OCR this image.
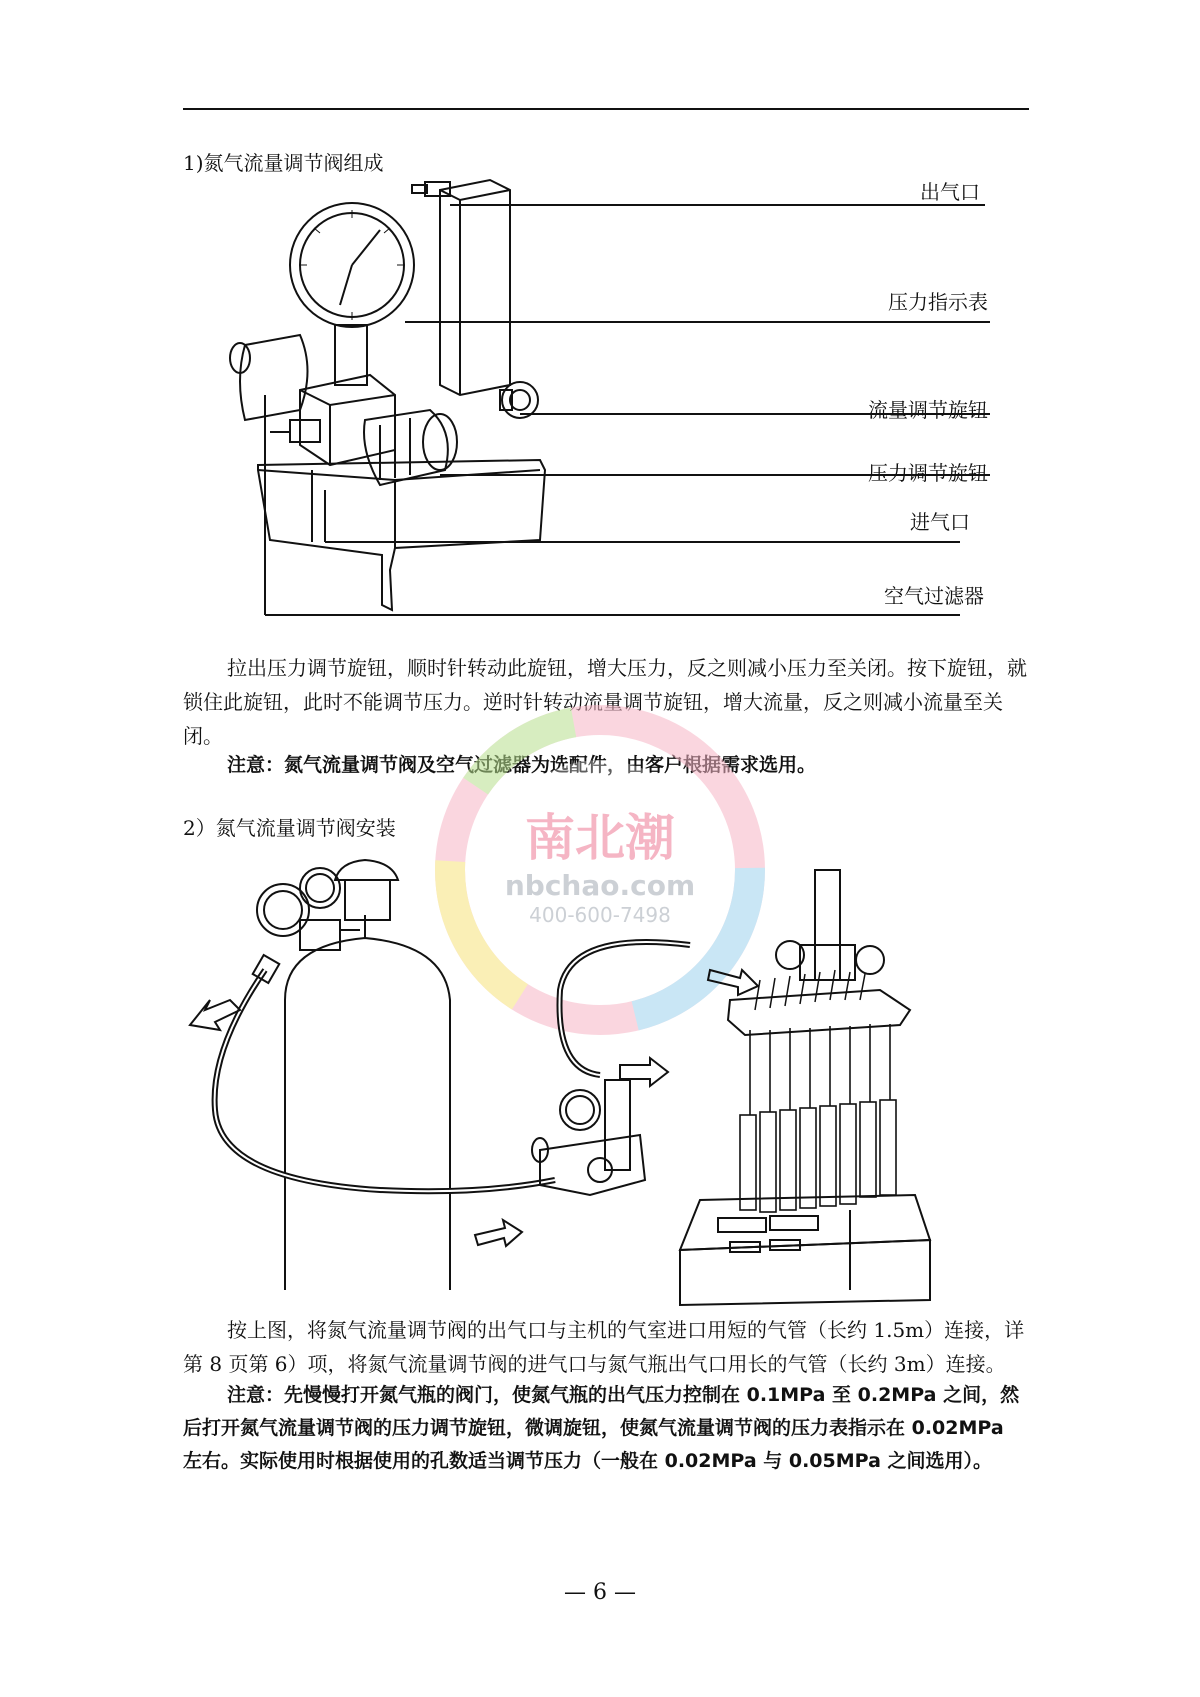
1)氮气流量调节阀组成
出气口
压力指示表
流量调节旋钮
压力调节旋钮
进气口
空气过滤器
拉出压力调节旋钮，顺时针转动此旋钮，增大压力，反之则减小压力至关闭。按下旋钮，就锁住此旋钮，此时不能调节压力。逆时针转动流量调节旋钮，增大流量，反之则减小流量至关闭。
注意：氮气流量调节阀及空气过滤器为选配件，由客户根据需求选用。
2）氮气流量调节阀安装	南北潮
nbchao.com
400-600-7498
按上图，将氮气流量调节阀的出气口与主机的气室进口用短的气管（长约 1.5m）连接，详第 8 页第 6）项，将氮气流量调节阀的进气口与氮气瓶出气口用长的气管（长约 3m）连接。
注意：先慢慢打开氮气瓶的阀门，使氮气瓶的出气压力控制在 0.1MPa 至 0.2MPa 之间，然后打开氮气流量调节阀的压力调节旋钮，微调旋钮，使氮气流量调节阀的压力表指示在 0.02MPa 左右。实际使用时根据使用的孔数适当调节压力（一般在 0.02MPa 与 0.05MPa 之间选用）。
— 6 —
